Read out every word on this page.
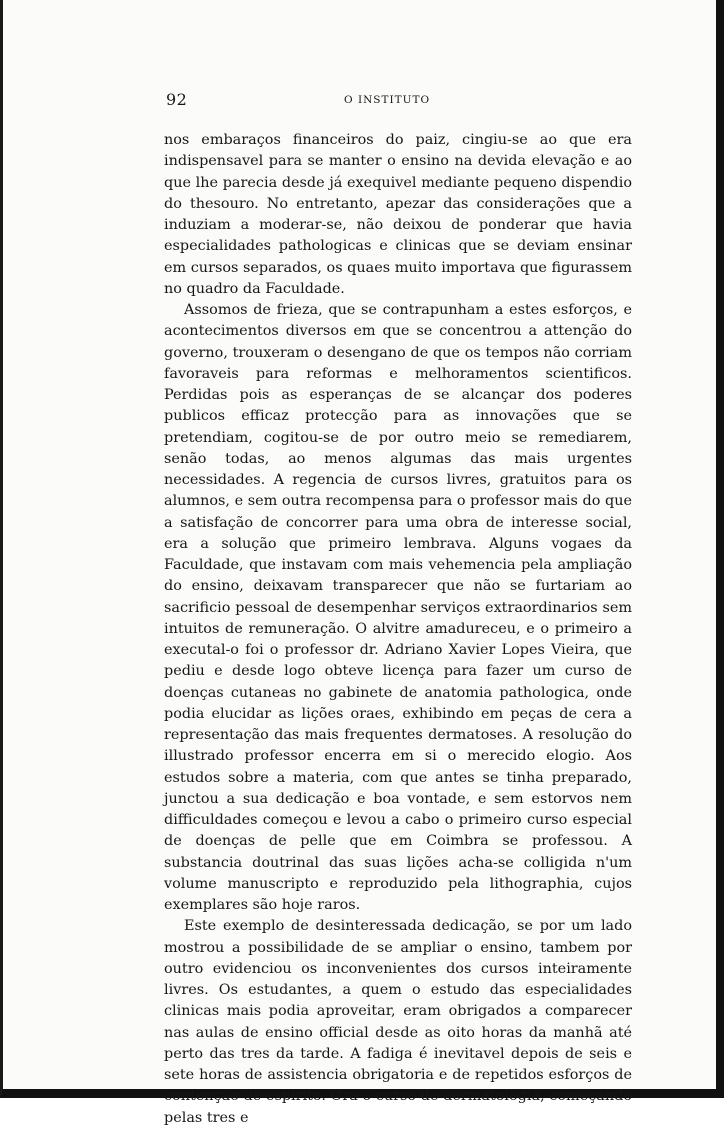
92	O INSTITUTO

nos embaraços financeiros do paiz, cingiu-se ao que era indispensavel para se manter o ensino na devida elevação e ao que lhe parecia desde já exequivel mediante pequeno dispendio do thesouro. No entretanto, apezar das considerações que a induziam a moderar-se, não deixou de ponderar que havia especialidades pathologicas e clinicas que se deviam ensinar em cursos separados, os quaes muito importava que figurassem no quadro da Faculdade.

Assomos de frieza, que se contrapunham a estes esforços, e acontecimentos diversos em que se concentrou a attenção do governo, trouxeram o desengano de que os tempos não corriam favoraveis para reformas e melhoramentos scientificos. Perdidas pois as esperanças de se alcançar dos poderes publicos efficaz protecção para as innovações que se pretendiam, cogitou-se de por outro meio se remediarem, senão todas, ao menos algumas das mais urgentes necessidades. A regencia de cursos livres, gratuitos para os alumnos, e sem outra recompensa para o professor mais do que a satisfação de concorrer para uma obra de interesse social, era a solução que primeiro lembrava. Alguns vogaes da Faculdade, que instavam com mais vehemencia pela ampliação do ensino, deixavam transparecer que não se furtariam ao sacrificio pessoal de desempenhar serviços extraordinarios sem intuitos de remuneração. O alvitre amadureceu, e o primeiro a executal-o foi o professor dr. Adriano Xavier Lopes Vieira, que pediu e desde logo obteve licença para fazer um curso de doenças cutaneas no gabinete de anatomia pathologica, onde podia elucidar as lições oraes, exhibindo em peças de cera a representação das mais frequentes dermatoses. A resolução do illustrado professor encerra em si o merecido elogio. Aos estudos sobre a materia, com que antes se tinha preparado, junctou a sua dedicação e boa vontade, e sem estorvos nem difficuldades começou e levou a cabo o primeiro curso especial de doenças de pelle que em Coimbra se professou. A substancia doutrinal das suas lições acha-se colligida n'um volume manuscripto e reproduzido pela lithographia, cujos exemplares são hoje raros.

Este exemplo de desinteressada dedicação, se por um lado mostrou a possibilidade de se ampliar o ensino, tambem por outro evidenciou os inconvenientes dos cursos inteiramente livres. Os estudantes, a quem o estudo das especialidades clinicas mais podia aproveitar, eram obrigados a comparecer nas aulas de ensino official desde as oito horas da manhã até perto das tres da tarde. A fadiga é inevitavel depois de seis e sete horas de assistencia obrigatoria e de repetidos esforços de contenção de espirito. Ora o curso de dermatologia, começando pelas tres e
